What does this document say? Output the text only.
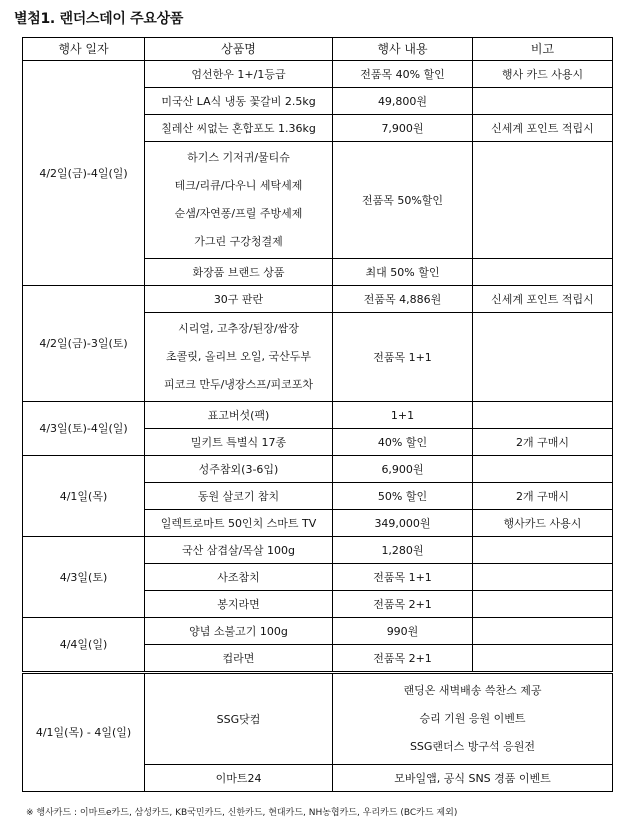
별첨1. 랜더스데이 주요상품
행사 일자	상품명	행사 내용	비고
4/2일(금)-4일(일)	엄선한우 1+/1등급	전품목 40% 할인	행사 카드 사용시
	미국산 LA식 냉동 꽃갈비 2.5kg	49,800원	
	칠레산 씨없는 혼합포도 1.36kg	7,900원	신세계 포인트 적립시

	하기스 기저귀/물티슈
테크/리큐/다우니 세탁세제
순샘/자연퐁/프릴 주방세제
가그린 구강청결제	전품목 50%할인	
	화장품 브랜드 상품	최대 50% 할인	
4/2일(금)-3일(토)	30구 판란	전품목 4,886원	신세계 포인트 적립시

	시리얼, 고추장/된장/쌈장
초콜릿, 올리브 오일, 국산두부
피코크 만두/냉장스프/피코포차	전품목 1+1	
4/3일(토)-4일(일)	표고버섯(팩)	1+1	
	밀키트 특별식 17종	40% 할인	2개 구매시
4/1일(목)	성주참외(3-6입)	6,900원	
	동원 살코기 참치	50% 할인	2개 구매시
	일렉트로마트 50인치 스마트 TV	349,000원	행사카드 사용시
4/3일(토)	국산 삼겹살/목살 100g	1,280원	
	사조참치	전품목 1+1	
	봉지라면	전품목 2+1	
4/4일(일)	양념 소불고기 100g	990원	
	컵라면	전품목 2+1	
4/1일(목) - 4일(일)	SSG닷컴	랜딩온 새벽배송 쓱찬스 제공
승리 기원 응원 이벤트
SSG랜더스 방구석 응원전	

	이마트24	모바일앱, 공식 SNS 경품 이벤트	
※ 행사카드 : 이마트e카드, 삼성카드, KB국민카드, 신한카드, 현대카드, NH농협카드, 우리카드 (BC카드 제외)
